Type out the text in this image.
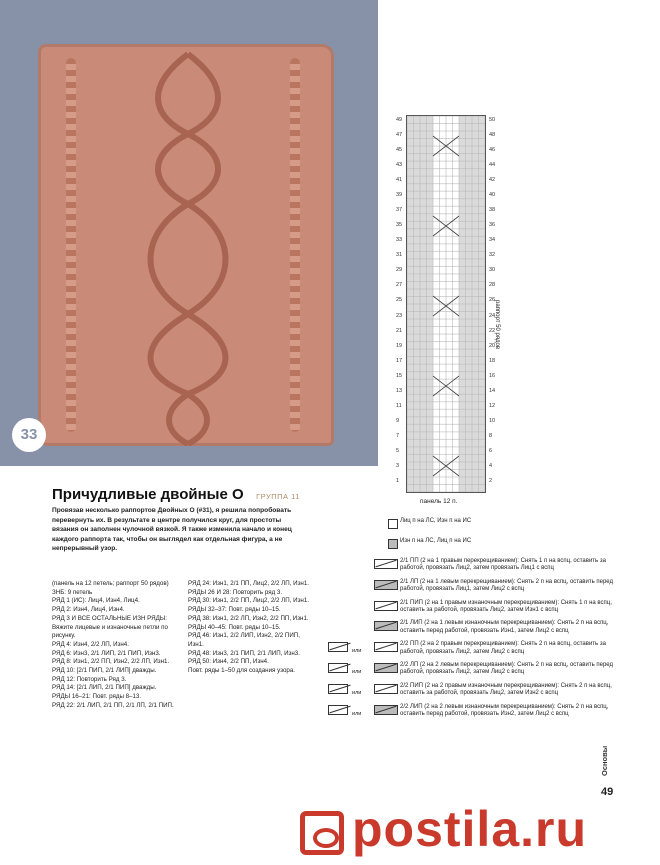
33
49
47
45
43
41
39
37
35
33
31
29
27
25
23
21
19
17
15
13
11
9
7
5
3
1
50
48
46
44
42
40
38
36
34
32
30
28
26
24
22
20
18
16
14
12
10
8
6
4
2
панель 12 п.
раппорт 50 рядов
Причудливые двойные О ГРУППА 11
Провязав несколько раппортов Двойных О (#31), я решила попробовать перевернуть их. В результате в центре получился круг, для простоты вязания он заполнен чулочной вязкой. Я также изменила начало и конец каждого раппорта так, чтобы он выглядел как отдельная фигура, а не непрерывный узор.

(панель на 12 петель; раппорт 50 рядов)

ЗНБ: 9 петель

РЯД 1 (ИС): Лиц4, Изн4, Лиц4.

РЯД 2: Изн4, Лиц4, Изн4.

РЯД 3 И ВСЕ ОСТАЛЬНЫЕ ИЗН РЯДЫ: Вяжите лицевые и изнаночные петли по рисунку.

РЯД 4: Изн4, 2/2 ЛП, Изн4.

РЯД 6: Изн3, 2/1 ЛИП, 2/1 ПИП, Изн3.

РЯД 8: Изн1, 2/2 ПП, Изн2, 2/2 ЛП, Изн1.

РЯД 10: [2/1 ПИП, 2/1 ЛИП] дважды.

РЯД 12: Повторить Ряд 3.

РЯД 14: [2/1 ЛИП, 2/1 ПИП] дважды.

РЯДЫ 16–21: Повт. ряды 8–13.

РЯД 22: 2/1 ЛИП, 2/1 ПП, 2/1 ЛП, 2/1 ПИП.

РЯД 24: Изн1, 2/1 ПП, Лиц2, 2/2 ЛП, Изн1.

РЯДЫ 26 И 28: Повторить ряд 3.

РЯД 30: Изн1, 2/2 ПП, Лиц2, 2/2 ЛП, Изн1.

РЯДЫ 32–37: Повт. ряды 10–15.

РЯД 38: Изн1, 2/2 ЛП, Изн2, 2/2 ПП, Изн1.

РЯДЫ 40–45: Повт. ряды 10–15.

РЯД 46: Изн1, 2/2 ЛИП, Изн2, 2/2 ПИП, Изн1.

РЯД 48: Изн3, 2/1 ПИП, 2/1 ЛИП, Изн3.

РЯД 50: Изн4, 2/2 ПП, Изн4.

Повт. ряды 1–50 для создания узора.

Лиц п на ЛС, Изн п на ИС
Изн п на ЛС, Лиц п на ИС
2/1 ПП (2 на 1 правым перекрещиванием): Снять 1 п на вспц, оставить за работой, провязать Лиц2, затем провязать Лиц1 с вспц
2/1 ЛП (2 на 1 левым перекрещиванием): Снять 2 п на вспц, оставить перед работой, провязать Лиц1, затем Лиц2 с вспц
2/1 ПИП (2 на 1 правым изнаночным перекрещиванием): Снять 1 п на вспц, оставить за работой, провязать Лиц2, затем Изн1 с вспц
2/1 ЛИП (2 на 1 левым изнаночным перекрещиванием): Снять 2 п на вспц, оставить перед работой, провязать Изн1, затем Лиц2 с вспц
или
2/2 ПП (2 на 2 правым перекрещиванием): Снять 2 п на вспц, оставить за работой, провязать Лиц2, затем Лиц2 с вспц
или
2/2 ЛП (2 на 2 левым перекрещиванием): Снять 2 п на вспц, оставить перед работой, провязать Лиц2, затем Лиц2 с вспц
или
2/2 ПИП (2 на 2 правым изнаночным перекрещиванием): Снять 2 п на вспц, оставить за работой, провязать Лиц2, затем Изн2 с вспц
или
2/2 ЛИП (2 на 2 левым изнаночным перекрещиванием): Снять 2 п на вспц, оставить перед работой, провязать Изн2, затем Лиц2 с вспц
Основы
49
postila.ru
